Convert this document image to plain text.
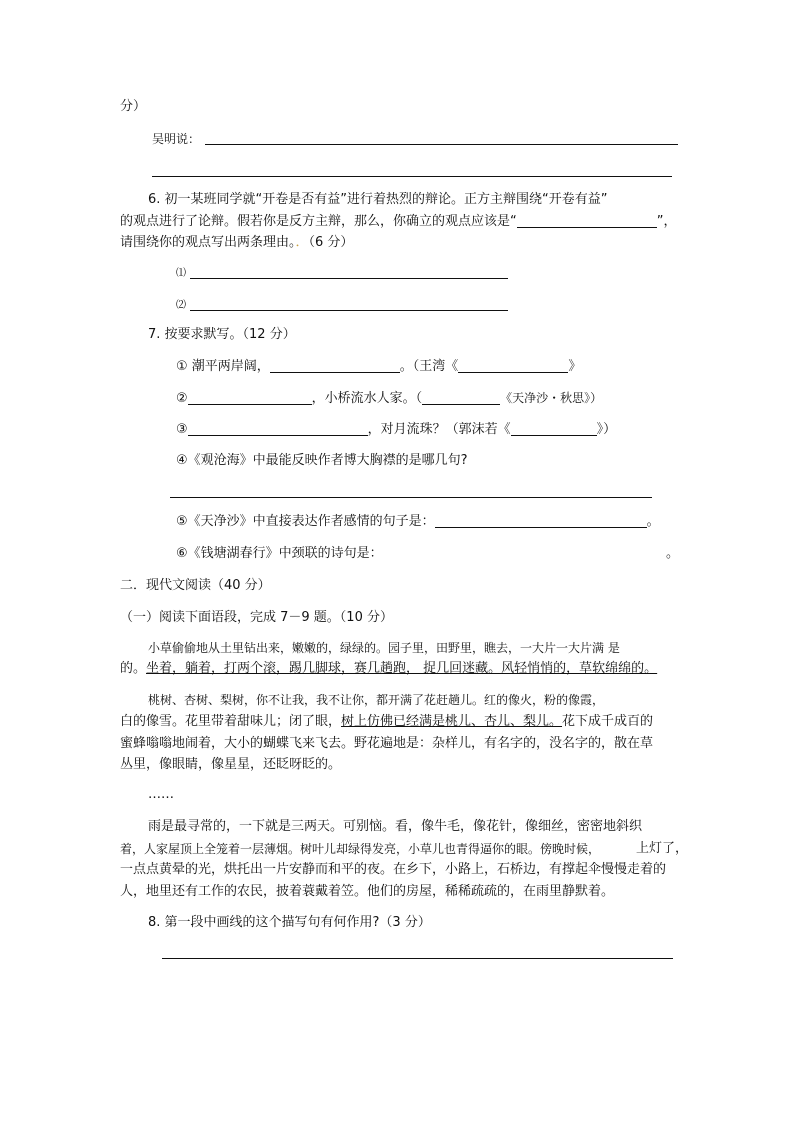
分）
吴明说：
6. 初一某班同学就“开卷是否有益”进行着热烈的辩论。正方主辩围绕“开卷有益”
的观点进行了论辩。假若你是反方主辩，那么，你确立的观点应该是“	”，
请围绕你的观点写出两条理由。．（6 分）
⑴
⑵
7. 按要求默写。（12 分）
① 潮平两岸阔，	。（王湾《	》
②	，小桥流水人家。（	《天净沙・秋思》）
③	，对月流珠？（郭沫若《	》）
④《观沧海》中最能反映作者博大胸襟的是哪几句?
⑤《天净沙》中直接表达作者感情的句子是：	。
⑥《钱塘湖春行》中颈联的诗句是：	。
二．现代文阅读（40 分）
（一）阅读下面语段，完成 7－9 题。（10 分）
小草偷偷地从土里钻出来，嫩嫩的，绿绿的。园子里，田野里，瞧去，一大片一大片满 是
的。坐着，躺着，打两个滚，踢几脚球，赛几趟跑， 捉几回迷藏。风轻悄悄的，草软绵绵的。
桃树、杏树、梨树，你不让我，我不让你，都开满了花赶趟儿。红的像火，粉的像霞，
白的像雪。花里带着甜味儿；闭了眼，树上仿佛已经满是桃儿、杏儿、梨儿。花下成千成百的
蜜蜂嗡嗡地闹着，大小的蝴蝶飞来飞去。野花遍地是：杂样儿，有名字的，没名字的，散在草
丛里，像眼睛，像星星，还眨呀眨的。
……
雨是最寻常的，一下就是三两天。可别恼。看，像牛毛，像花针，像细丝，密密地斜织
着，人家屋顶上全笼着一层薄烟。树叶儿却绿得发亮，小草儿也青得逼你的眼。傍晚时候，	上灯了，
一点点黄晕的光，烘托出一片安静而和平的夜。在乡下，小路上，石桥边，有撑起伞慢慢走着的
人，地里还有工作的农民，披着蓑戴着笠。他们的房屋，稀稀疏疏的，在雨里静默着。
8. 第一段中画线的这个描写句有何作用?（3 分）
